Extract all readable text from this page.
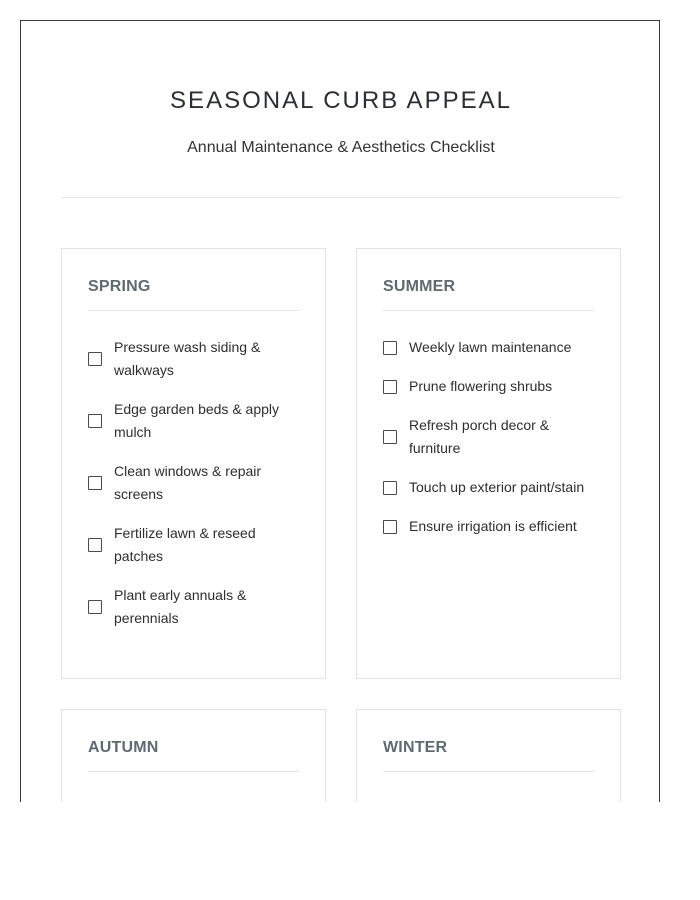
SEASONAL CURB APPEAL

Annual Maintenance & Aesthetics Checklist

SPRING
Pressure wash siding & walkways
Edge garden beds & apply mulch
Clean windows & repair screens
Fertilize lawn & reseed patches
Plant early annuals & perennials
SUMMER
Weekly lawn maintenance
Prune flowering shrubs
Refresh porch decor & furniture
Touch up exterior paint/stain
Ensure irrigation is efficient
AUTUMN	WINTER
